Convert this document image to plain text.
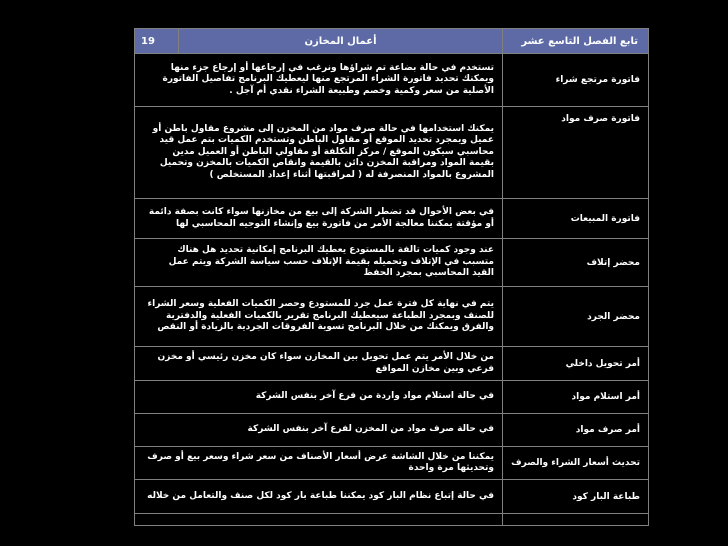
تابع الفصل التاسع عشر	أعمال المخازن	19
فاتورة مرتجع شراء	تستخدم في حالة بضاعة تم شراؤها ونرغب في إرجاعها أو إرجاع جزء منها ويمكنك تحديد فاتورة الشراء المرتجع منها ليعطيك البرنامج تفاصيل الفاتورة الأصلية من سعر وكمية وخصم وطبيعة الشراء نقدي أم آجل .	
فاتورة صرف مواد	يمكنك استخدامها في حالة صرف مواد من المخزن إلى مشروع مقاول باطن أو عميل ويمجرد تحديد الموقع أو مقاول الباطن وتستخدم الكميات بتم عمل قيد محاسبي سيكون الموقع / مركز التكلفة أو مقاولي الباطن أو العميل مدين بقيمة المواد ومراقبة المخزن دائن بالقيمة وانقاص الكميات بالمخزن وتحميل المشروع بالمواد المنصرفة له ( لمراقبتها أثناء إعداد المستخلص )	
فاتورة المبيعات	في بعض الأحوال قد تضطر الشركة إلى بيع من مخازنها سواء كانت بصفة دائمة أو مؤقتة يمكننا معالجة الأمر من فاتورة بيع وإنشاء التوجيه المحاسبي لها	
محضر إتلاف	عند وجود كميات تالفة بالمستودع يعطيك البرنامج إمكانية تحديد هل هناك متسبب في الإتلاف وتحميله بقيمة الإتلاف حسب سياسة الشركة ويتم عمل القيد المحاسبي بمجرد الحفظ	
محضر الجرد	يتم في نهاية كل فترة عمل جرد للمستودع وحصر الكميات الفعلية وسعر الشراء للصنف وبمجرد الطباعة سيعطيك البرنامج تقرير بالكميات الفعلية والدفترية والفرق ويمكنك من خلال البرنامج تسوية الفروقات الجردية بالزيادة أو النقص	
أمر تحويل داخلي	من خلال الأمر يتم عمل تحويل بين المخازن سواء كان مخزن رئيسي أو مخزن فرعي وبين مخازن المواقع	
أمر استلام مواد	في حالة استلام مواد واردة من فرع آخر بنفس الشركة	
أمر صرف مواد	في حالة صرف مواد من المخزن لفرع آخر بنفس الشركة	
تحديث أسعار الشراء والصرف	يمكننا من خلال الشاشة عرض أسعار الأصناف من سعر شراء وسعر بيع أو صرف وتحديثها مرة واحدة	
طباعة البار كود	في حالة إتباع نظام البار كود يمكننا طباعة بار كود لكل صنف والتعامل من خلاله	
